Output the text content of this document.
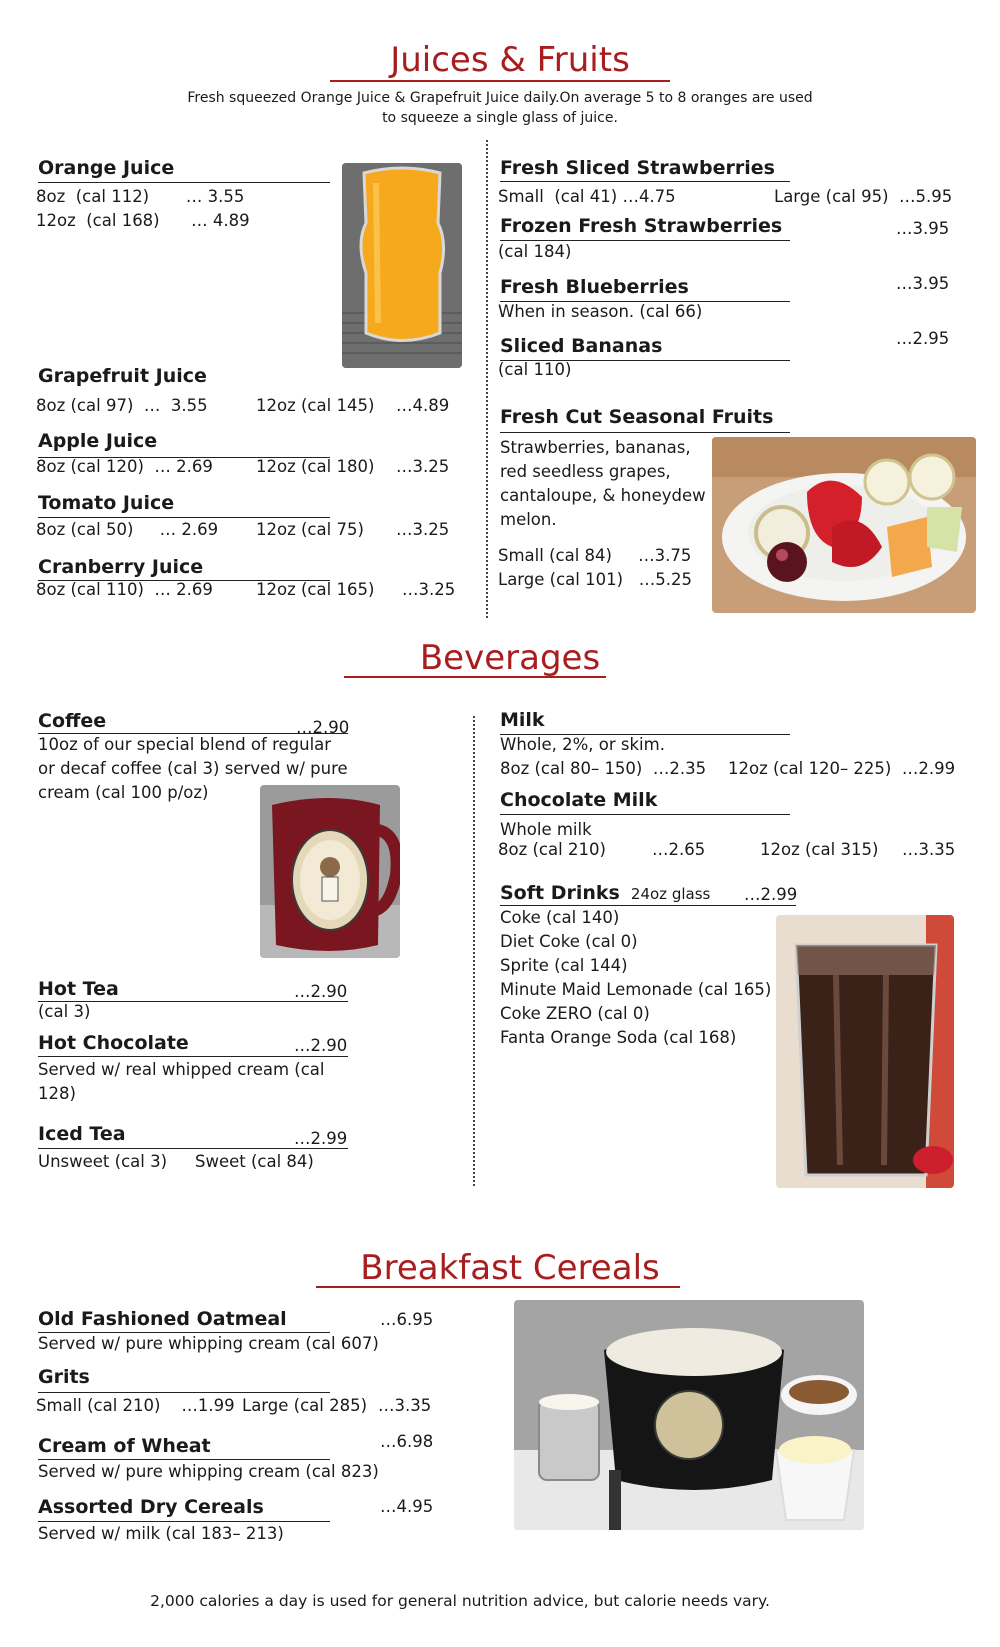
Juices & Fruits
Fresh squeezed Orange Juice & Grapefruit Juice daily.On average 5 to 8 oranges are used
to squeeze a single glass of juice.
Orange Juice
8oz  (cal 112)       … 3.55
12oz  (cal 168)      … 4.89
Grapefruit Juice
8oz (cal 97)  …  3.55	12oz (cal 145) …4.89
Apple Juice
8oz (cal 120)  … 2.69	12oz (cal 180) …3.25
Tomato Juice
8oz (cal 50)     … 2.69 12oz (cal 75) …3.25
Cranberry Juice
8oz (cal 110)  … 2.69	12oz (cal 165) …3.25
Fresh Sliced Strawberries
Small  (cal 41) …4.75	Large (cal 95)  …5.95
Frozen Fresh Strawberries	…3.95
(cal 184)
Fresh Blueberries	…3.95
When in season. (cal 66)
Sliced Bananas	…2.95
(cal 110)
Fresh Cut Seasonal Fruits
Strawberries, bananas,
red seedless grapes,
cantaloupe, & honeydew
melon.
Small (cal 84)     …3.75
Large (cal 101)   …5.25
Beverages
Coffee	…2.90
10oz of our special blend of regular
or decaf coffee (cal 3) served w/ pure
cream (cal 100 p/oz)
Hot Tea	…2.90
(cal 3)
Hot Chocolate	…2.90
Served w/ real whipped cream (cal
128)
Iced Tea	…2.99
Unsweet (cal 3) Sweet (cal 84)
Milk
Whole, 2%, or skim.
8oz (cal 80– 150)  …2.35 12oz (cal 120– 225)  …2.99
Chocolate Milk
Whole milk
8oz (cal 210)	…2.65	12oz (cal 315) …3.35
Soft Drinks 24oz glass …2.99
Coke (cal 140)
Diet Coke (cal 0)
Sprite (cal 144)
Minute Maid Lemonade (cal 165)
Coke ZERO (cal 0)
Fanta Orange Soda (cal 168)
Breakfast Cereals
Old Fashioned Oatmeal	…6.95
Served w/ pure whipping cream (cal 607)
Grits
Small (cal 210)    …1.99 Large (cal 285) …3.35
Cream of Wheat	…6.98
Served w/ pure whipping cream (cal 823)
Assorted Dry Cereals	…4.95
Served w/ milk (cal 183– 213)
2,000 calories a day is used for general nutrition advice, but calorie needs vary.
